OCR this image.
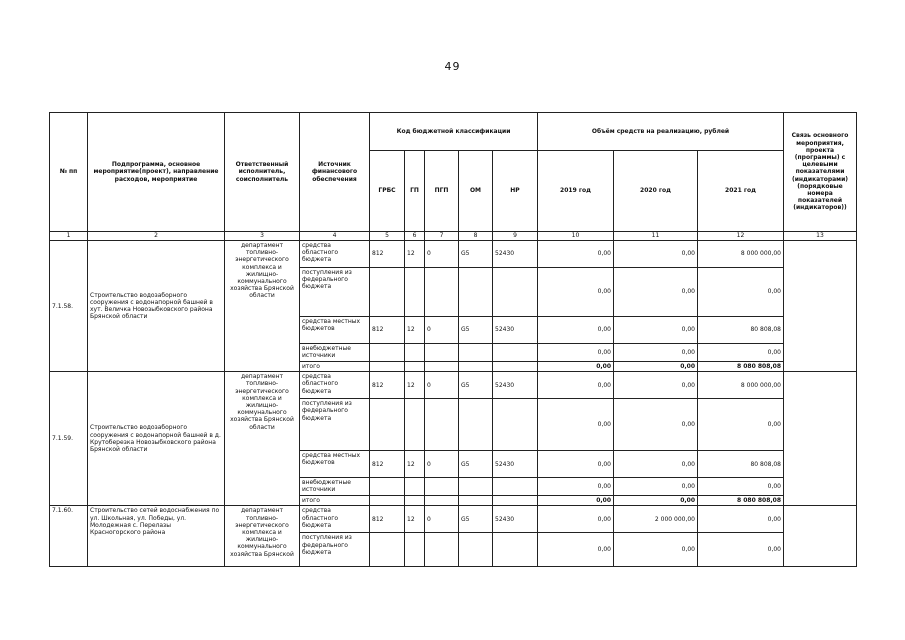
49
№ пп	Подпрограмма, основное мероприятие(проект), направление расходов, мероприятие	Ответственный исполнитель, соисполнитель	Источник финансового обеспечения	Код бюджетной классификации					Объём средств на реализацию, рублей			Связь основного мероприятия, проекта (программы) с целевыми показателями (индикаторами) (порядковые номера показателей (индикаторов))
				ГРБС	ГП	ПГП	ОМ	НР	2019 год	2020 год	2021 год	
1	2	3	4	5	6	7	8	9	10	11	12	13
7.1.58.	Строительство водозаборного сооружения с водонапорной башней в хут. Величка Новозыбковского района Брянской области	департамент топливно-энергетического комплекса и жилищно-коммунального хозяйства Брянской области	средства областного бюджета	812	12	0	G5	52430	0,00	0,00	8 000 000,00	
			поступления из федерального бюджета						0,00	0,00	0,00	
			средства местных бюджетов	812	12	0	G5	52430	0,00	0,00	80 808,08	
			внебюджетные источники						0,00	0,00	0,00	
			итого						0,00	0,00	8 080 808,08	
7.1.59.	Строительство водозаборного сооружения с водонапорной башней в д. Крутоберезка Новозыбковского района Брянской области	департамент топливно-энергетического комплекса и жилищно-коммунального хозяйства Брянской области	средства областного бюджета	812	12	0	G5	52430	0,00	0,00	8 000 000,00	
			поступления из федерального бюджета						0,00	0,00	0,00	
			средства местных бюджетов	812	12	0	G5	52430	0,00	0,00	80 808,08	
			внебюджетные источники						0,00	0,00	0,00	
			итого						0,00	0,00	8 080 808,08	
7.1.60.	Строительство сетей водоснабжения по ул. Школьная, ул. Победы, ул. Молодежная с. Перелазы Красногорского района	департамент топливно-энергетического комплекса и жилищно-коммунального хозяйства Брянской	средства областного бюджета	812	12	0	G5	52430	0,00	2 000 000,00	0,00	
			поступления из федерального бюджета						0,00	0,00	0,00	
